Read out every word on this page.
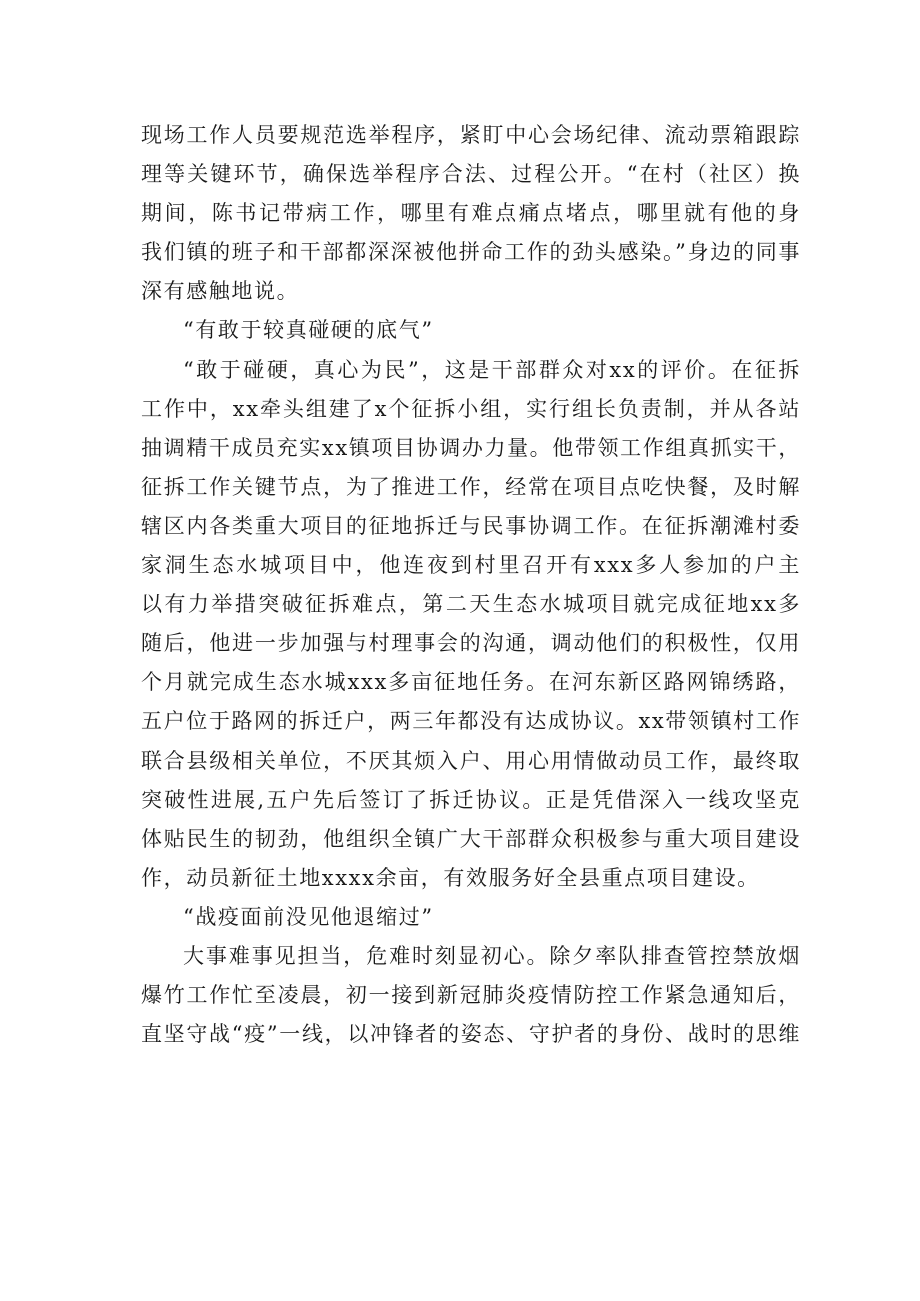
现场工作人员要规范选举程序，紧盯中心会场纪律、流动票箱跟踪
理等关键环节，确保选举程序合法、过程公开。“在村（社区）换
期间，陈书记带病工作，哪里有难点痛点堵点，哪里就有他的身
我们镇的班子和干部都深深被他拼命工作的劲头感染。”身边的同事
深有感触地说。
“有敢于较真碰硬的底气”
“敢于碰硬，真心为民”，这是干部群众对xx的评价。在征拆
工作中，xx牵头组建了x个征拆小组，实行组长负责制，并从各站
抽调精干成员充实xx镇项目协调办力量。他带领工作组真抓实干，
征拆工作关键节点，为了推进工作，经常在项目点吃快餐，及时解
辖区内各类重大项目的征地拆迁与民事协调工作。在征拆潮滩村委
家洞生态水城项目中，他连夜到村里召开有xxx多人参加的户主
以有力举措突破征拆难点，第二天生态水城项目就完成征地xx多
随后，他进一步加强与村理事会的沟通，调动他们的积极性，仅用
个月就完成生态水城xxx多亩征地任务。在河东新区路网锦绣路，
五户位于路网的拆迁户，两三年都没有达成协议。xx带领镇村工作
联合县级相关单位，不厌其烦入户、用心用情做动员工作，最终取
突破性进展,五户先后签订了拆迁协议。正是凭借深入一线攻坚克
体贴民生的韧劲，他组织全镇广大干部群众积极参与重大项目建设
作，动员新征土地xxxx余亩，有效服务好全县重点项目建设。
“战疫面前没见他退缩过”
大事难事见担当，危难时刻显初心。除夕率队排查管控禁放烟
爆竹工作忙至凌晨，初一接到新冠肺炎疫情防控工作紧急通知后，
直坚守战“疫”一线，以冲锋者的姿态、守护者的身份、战时的思维
